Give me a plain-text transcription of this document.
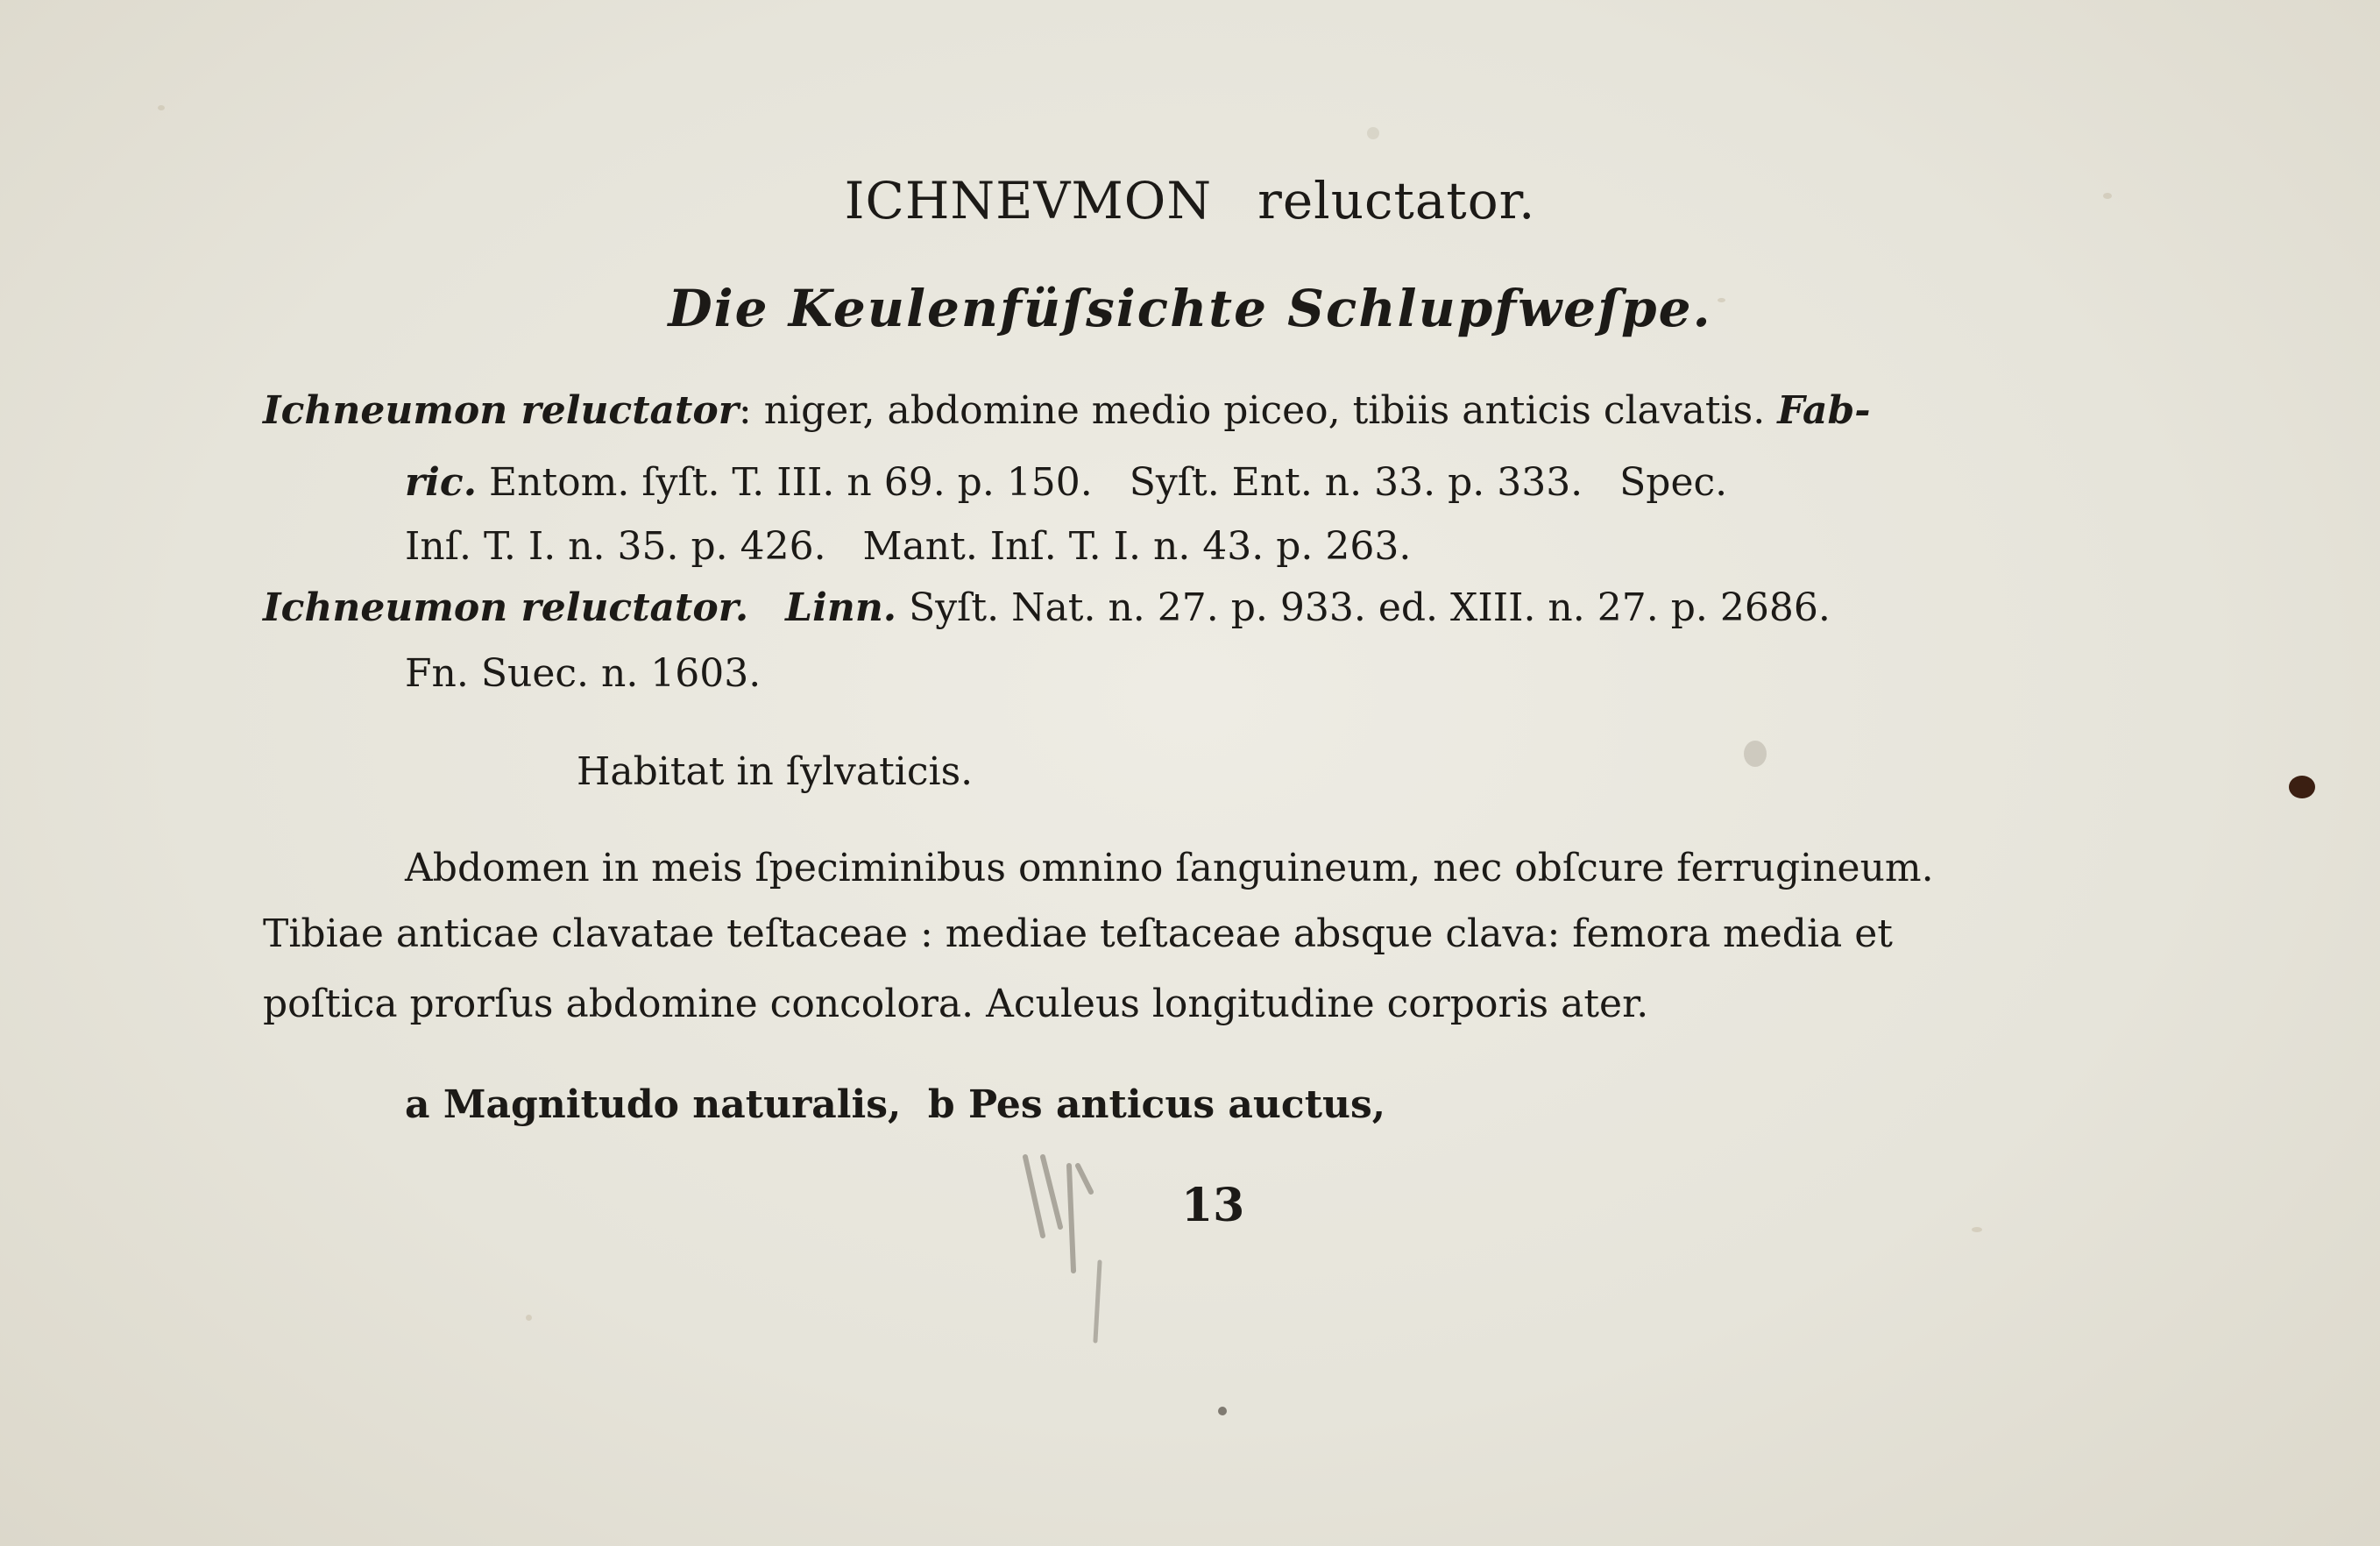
ICHNEVMON reluctator.
Die Keulenfüſsichte Schlupfweſpe.
Ichneumon reluctator: niger, abdomine medio piceo, tibiis anticis clavatis. Fab-
ric. Entom. ſyſt. T. III. n 69. p. 150.   Syſt. Ent. n. 33. p. 333.   Spec.
Inſ. T. I. n. 35. p. 426.   Mant. Inſ. T. I. n. 43. p. 263.
Ichneumon reluctator. Linn. Syſt. Nat. n. 27. p. 933. ed. XIII. n. 27. p. 2686.
Fn. Suec. n. 1603.
Habitat in ſylvaticis.
Abdomen in meis ſpeciminibus omnino ſanguineum, nec obſcure ferrugineum.
Tibiae anticae clavatae teſtaceae : mediae teſtaceae absque clava: femora media et
poſtica prorſus abdomine concolora. Aculeus longitudine corporis ater.
a Magnitudo naturalis,  b Pes anticus auctus,
13
